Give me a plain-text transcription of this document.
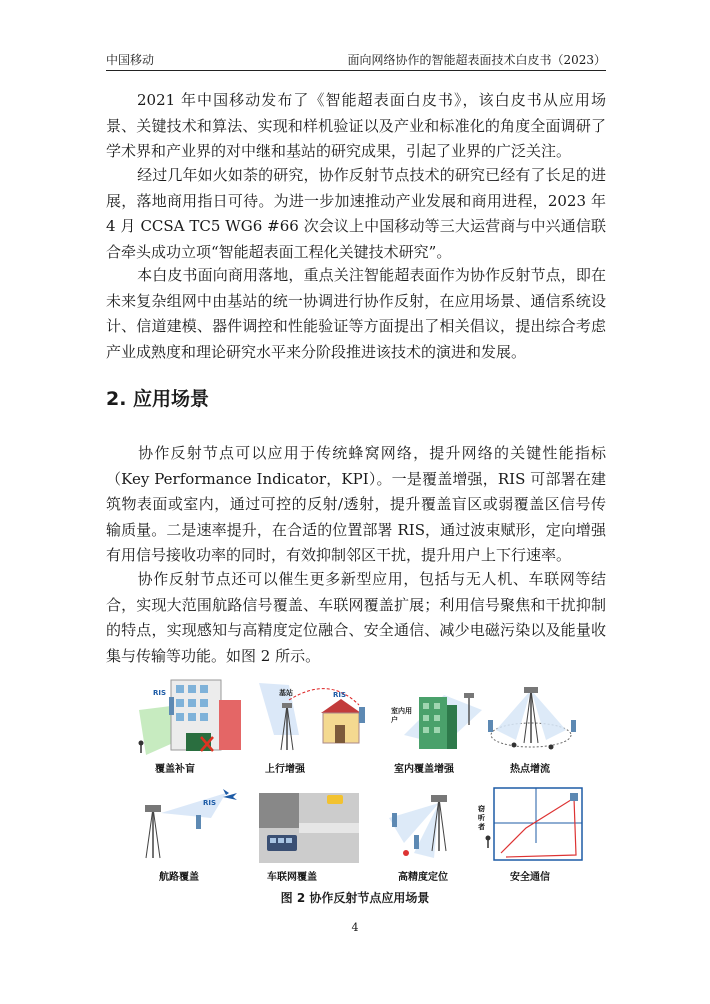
中国移动	面向网络协作的智能超表面技术白皮书（2023）

2021 年中国移动发布了《智能超表面白皮书》，该白皮书从应用场景、关键技术和算法、实现和样机验证以及产业和标准化的角度全面调研了学术界和产业界的对中继和基站的研究成果，引起了业界的广泛关注。

经过几年如火如荼的研究，协作反射节点技术的研究已经有了长足的进展，落地商用指日可待。为进一步加速推动产业发展和商用进程，2023 年 4 月 CCSA TC5 WG6 #66 次会议上中国移动等三大运营商与中兴通信联合牵头成功立项“智能超表面工程化关键技术研究”。

本白皮书面向商用落地，重点关注智能超表面作为协作反射节点，即在未来复杂组网中由基站的统一协调进行协作反射，在应用场景、通信系统设计、信道建模、器件调控和性能验证等方面提出了相关倡议，提出综合考虑产业成熟度和理论研究水平来分阶段推进该技术的演进和发展。

2. 应用场景

协作反射节点可以应用于传统蜂窝网络，提升网络的关键性能指标（Key Performance Indicator，KPI）。一是覆盖增强，RIS 可部署在建筑物表面或室内，通过可控的反射/透射，提升覆盖盲区或弱覆盖区信号传输质量。二是速率提升，在合适的位置部署 RIS，通过波束赋形，定向增强有用信号接收功率的同时，有效抑制邻区干扰，提升用户上下行速率。

协作反射节点还可以催生更多新型应用，包括与无人机、车联网等结合，实现大范围航路信号覆盖、车联网覆盖扩展；利用信号聚焦和干扰抑制的特点，实现感知与高精度定位融合、安全通信、减少电磁污染以及能量收集与传输等功能。如图 2 所示。

RIS
覆盖补盲
基站	RIS
上行增强
室内用户
室内覆盖增强	热点增流
RIS
航路覆盖	车联网覆盖	高精度定位
窃听者
安全通信
图 2 协作反射节点应用场景
4
